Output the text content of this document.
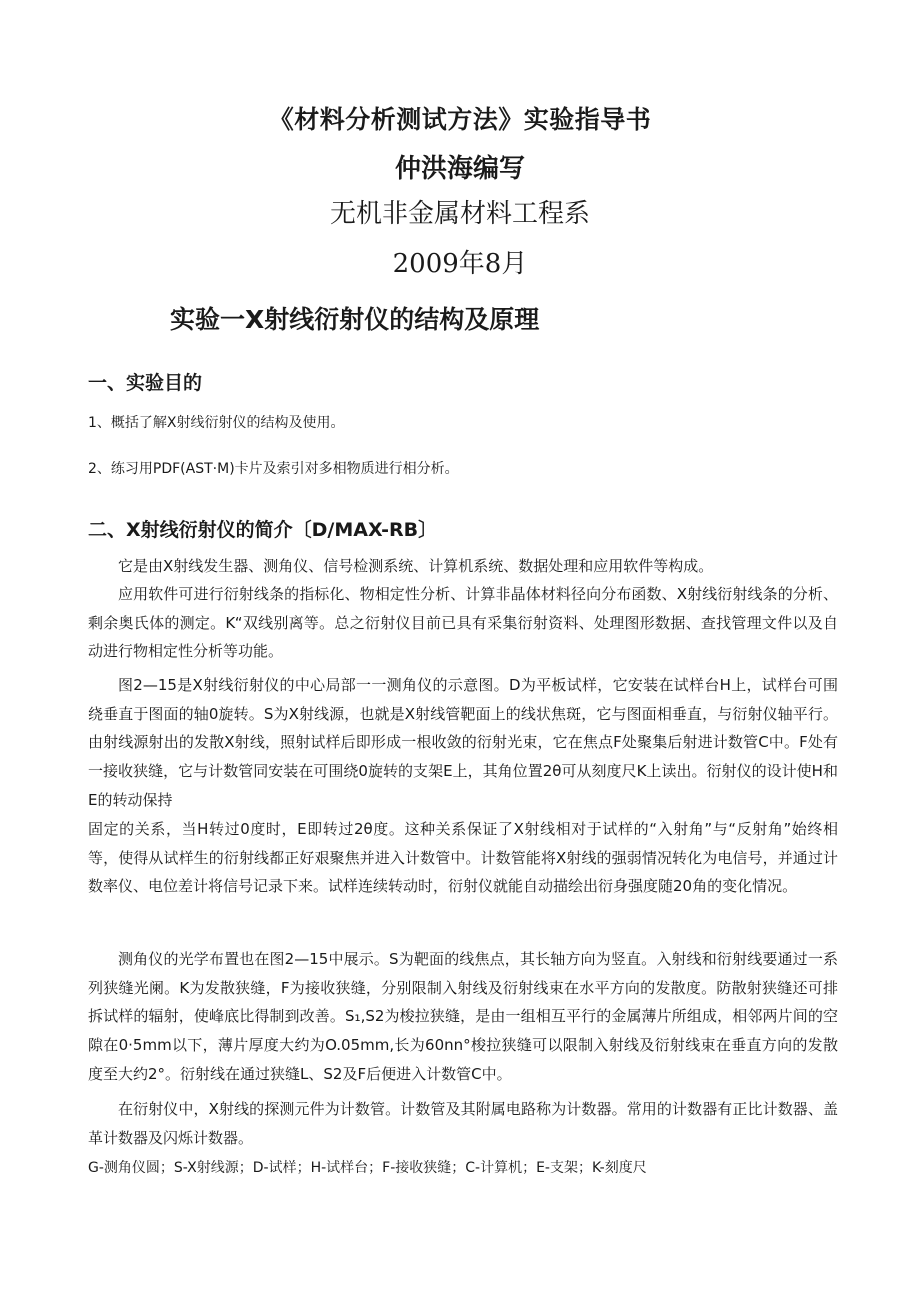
《材料分析测试方法》实验指导书
仲洪海编写
无机非金属材料工程系
2009年8月
实验一X射线衍射仪的结构及原理
一、实验目的
1、概括了解X射线衍射仪的结构及使用。
2、练习用PDF(AST·M)卡片及索引对多相物质进行相分析。
二、X射线衍射仪的简介〔D/MAX-RB〕

它是由X射线发生器、测角仪、信号检测系统、计算机系统、数据处理和应用软件等构成。

应用软件可进行衍射线条的指标化、物相定性分析、计算非晶体材料径向分布函数、X射线衍射线条的分析、剩余奥氏体的测定。K“双线别离等。总之衍射仪目前已具有采集衍射资料、处理图形数据、查找管理文件以及自动进行物相定性分析等功能。

图2—15是X射线衍射仪的中心局部一一测角仪的示意图。D为平板试样，它安装在试样台H上，试样台可围绕垂直于图面的轴0旋转。S为X射线源，也就是X射线管靶面上的线状焦斑，它与图面相垂直，与衍射仪轴平行。由射线源射出的发散X射线，照射试样后即形成一根收敛的衍射光束，它在焦点F处聚集后射进计数管C中。F处有一接收狭缝，它与计数管同安装在可围绕0旋转的支架E上，其角位置2θ可从刻度尺K上读出。衍射仪的设计使H和E的转动保持

固定的关系，当H转过0度时，E即转过2θ度。这种关系保证了X射线相对于试样的“入射角”与“反射角”始终相等，使得从试样生的衍射线都正好艰聚焦并进入计数管中。计数管能将X射线的强弱情况转化为电信号，并通过计数率仪、电位差计将信号记录下来。试样连续转动时，衍射仪就能自动描绘出衍身强度随20角的变化情况。

测角仪的光学布置也在图2—15中展示。S为靶面的线焦点，其长轴方向为竖直。入射线和衍射线要通过一系列狭缝光阑。K为发散狭缝，F为接收狭缝，分别限制入射线及衍射线束在水平方向的发散度。防散射狭缝还可排拆试样的辐射，使峰底比得制到改善。S₁,S2为梭拉狭缝，是由一组相互平行的金属薄片所组成，相邻两片间的空隙在0·5mm以下，薄片厚度大约为O.05mm,长为60nn°梭拉狭缝可以限制入射线及衍射线束在垂直方向的发散度至大约2°。衍射线在通过狭缝L、S2及F后便进入计数管C中。

在衍射仪中，X射线的探测元件为计数管。计数管及其附属电路称为计数器。常用的计数器有正比计数器、盖革计数器及闪烁计数器。

G-测角仪圆；S-X射线源；D-试样；H-试样台；F-接收狭缝；C-计算机；E-支架；K-刻度尺
